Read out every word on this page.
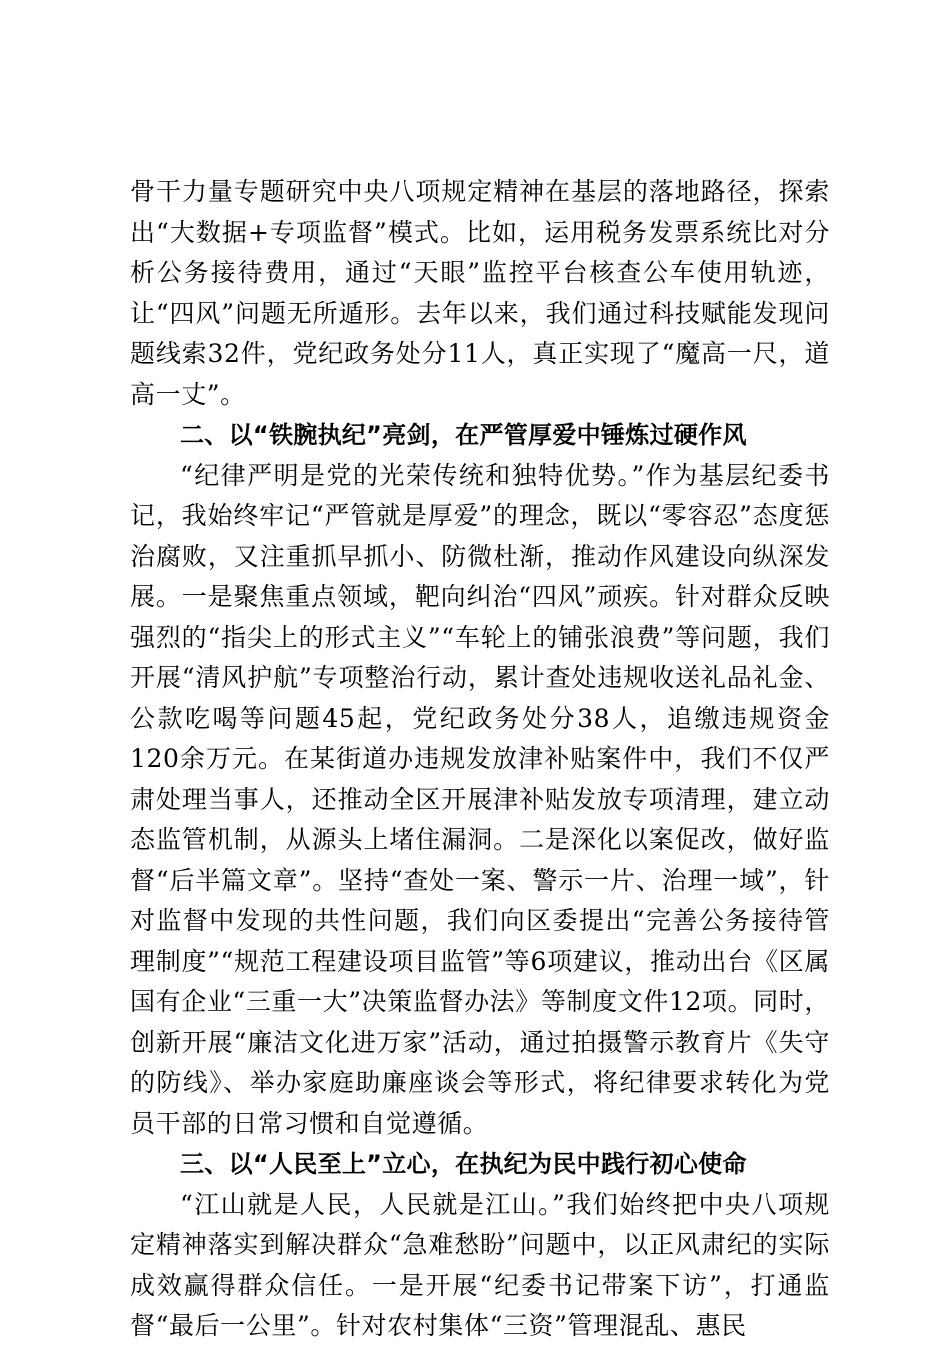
骨干力量专题研究中央八项规定精神在基层的落地路径，探索出“大数据+专项监督”模式。比如，运用税务发票系统比对分析公务接待费用，通过“天眼”监控平台核查公车使用轨迹，让“四风”问题无所遁形。去年以来，我们通过科技赋能发现问题线索32件，党纪政务处分11人，真正实现了“魔高一尺，道高一丈”。

二、以“铁腕执纪”亮剑，在严管厚爱中锤炼过硬作风

“纪律严明是党的光荣传统和独特优势。”作为基层纪委书记，我始终牢记“严管就是厚爱”的理念，既以“零容忍”态度惩治腐败，又注重抓早抓小、防微杜渐，推动作风建设向纵深发展。一是聚焦重点领域，靶向纠治“四风”顽疾。针对群众反映强烈的“指尖上的形式主义”“车轮上的铺张浪费”等问题，我们开展“清风护航”专项整治行动，累计查处违规收送礼品礼金、公款吃喝等问题45起，党纪政务处分38人，追缴违规资金120余万元。在某街道办违规发放津补贴案件中，我们不仅严肃处理当事人，还推动全区开展津补贴发放专项清理，建立动态监管机制，从源头上堵住漏洞。二是深化以案促改，做好监督“后半篇文章”。坚持“查处一案、警示一片、治理一域”，针对监督中发现的共性问题，我们向区委提出“完善公务接待管理制度”“规范工程建设项目监管”等6项建议，推动出台《区属国有企业“三重一大”决策监督办法》等制度文件12项。同时，创新开展“廉洁文化进万家”活动，通过拍摄警示教育片《失守的防线》、举办家庭助廉座谈会等形式，将纪律要求转化为党员干部的日常习惯和自觉遵循。

三、以“人民至上”立心，在执纪为民中践行初心使命

“江山就是人民，人民就是江山。”我们始终把中央八项规定精神落实到解决群众“急难愁盼”问题中，以正风肃纪的实际成效赢得群众信任。一是开展“纪委书记带案下访”，打通监督“最后一公里”。针对农村集体“三资”管理混乱、惠民
